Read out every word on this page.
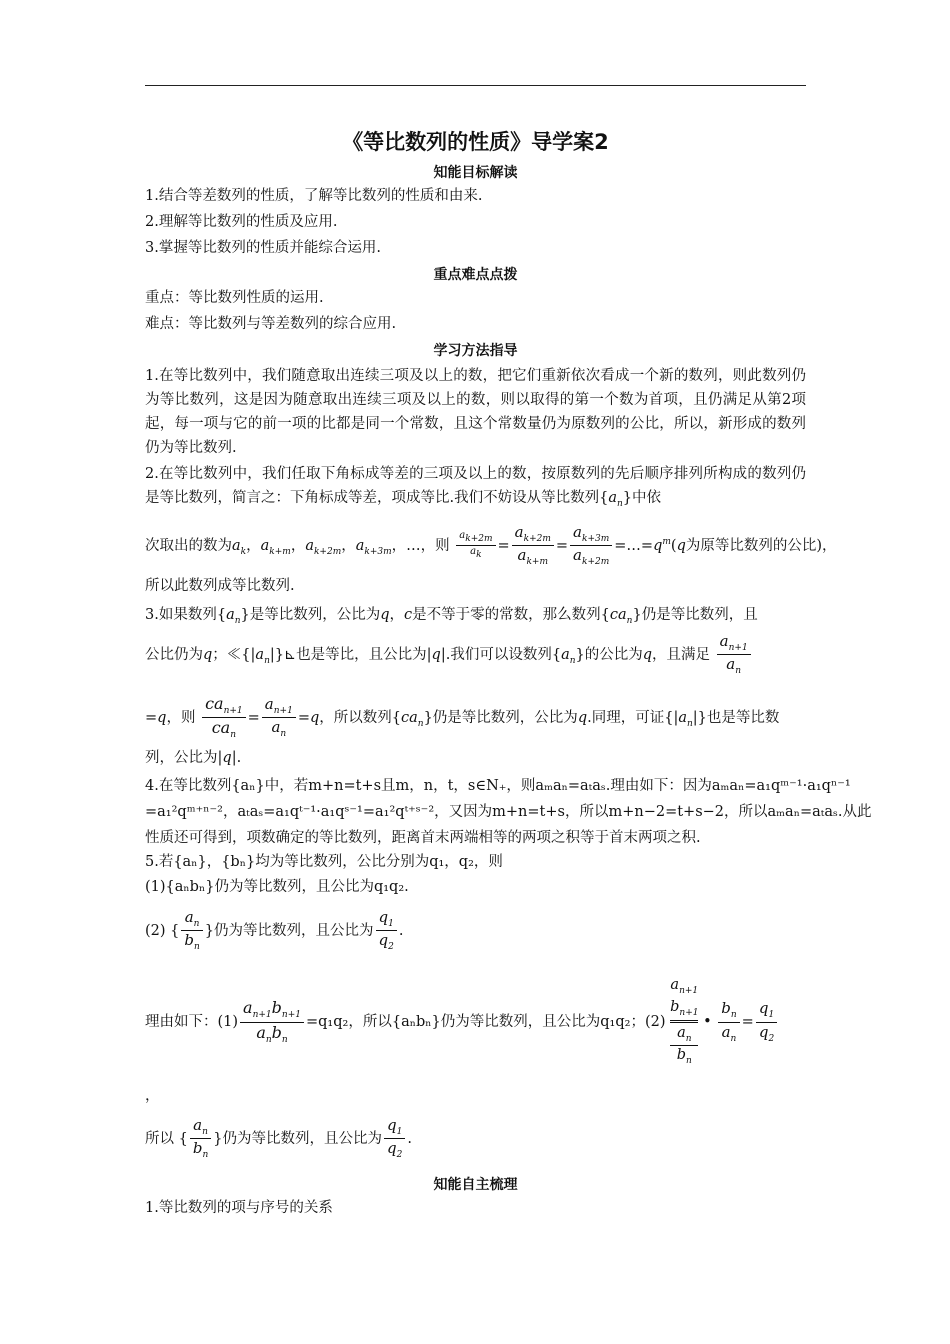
《等比数列的性质》导学案2
知能目标解读
1.结合等差数列的性质，了解等比数列的性质和由来.
2.理解等比数列的性质及应用.
3.掌握等比数列的性质并能综合运用.
重点难点点拨
重点：等比数列性质的运用.
难点：等比数列与等差数列的综合应用.
学习方法指导
1.在等比数列中，我们随意取出连续三项及以上的数，把它们重新依次看成一个新的数列，则此数列仍为等比数列，这是因为随意取出连续三项及以上的数，则以取得的第一个数为首项，且仍满足从第2项起，每一项与它的前一项的比都是同一个常数，且这个常数量仍为原数列的公比，所以，新形成的数列仍为等比数列.
2.在等比数列中，我们任取下角标成等差的三项及以上的数，按原数列的先后顺序排列所构成的数列仍是等比数列，简言之：下角标成等差，项成等比.我们不妨设从等比数列$\{a_n\}$中依
次取出的数为$a_k$，$a_{k+m}$，$a_{k+2m}$，$a_{k+3m}$，…，则 $\frac{a_{k+2m}}{a_k} = \frac{a_{k+2m}}{a_{k+m}} = \frac{a_{k+3m}}{a_{k+2m}}$ $=\dots=q^m(q$为原等比数列的公比)，
所以此数列成等比数列.
3.如果数列$\{a_n\}$是等比数列，公比为q，c是不等于零的常数，那么数列$\{ca_n\}$仍是等比数列，且
公比仍为q；$≪\{|a_n|\}⊾$也是等比，且公比为|q|.我们可以设数列$\{a_n\}$的公比为q，且满足 $\frac{a_{n+1}}{a_n}$
=q，则 $\frac{ca_{n+1}}{ca_n} = \frac{a_{n+1}}{a_n} =q$，所以数列$\{ca_n\}$仍是等比数列，公比为q.同理，可证$\{|a_n|\}$也是等比数
列，公比为|q|.
4.在等比数列{aₙ}中，若m+n=t+s且m，n，t，s∈N₊，则aₘaₙ=aₜaₛ.理由如下：因为aₘaₙ=a₁qᵐ⁻¹·a₁qⁿ⁻¹
=a₁²qᵐ⁺ⁿ⁻²，aₜaₛ=a₁qᵗ⁻¹·a₁qˢ⁻¹=a₁²qᵗ⁺ˢ⁻²，又因为m+n=t+s，所以m+n−2=t+s−2，所以aₘaₙ=aₜaₛ.从此
性质还可得到，项数确定的等比数列，距离首末两端相等的两项之积等于首末两项之积.
5.若{aₙ}，{bₙ}均为等比数列，公比分别为q₁，q₂，则
(1){aₙbₙ}仍为等比数列，且公比为q₁q₂.
(2) { $\frac{a_n}{b_n}$ }仍为等比数列，且公比为 $\frac{q_1}{q_2}$ .
理由如下：$(1) \frac{a_{n+1}b_{n+1}}{a_nb_n} =q_1q_2$，所以{aₙbₙ}仍为等比数列，且公比为q₁q₂；(2)
$a_{n+1}$
$b_{n+1}$
$a_n$
$b_n$
• $\frac{b_n}{a_n} = \frac{q_1}{q_2}$
，
所以 { $\frac{a_n}{b_n}$ }仍为等比数列，且公比为 $\frac{q_1}{q_2}$ .
知能自主梳理
1.等比数列的项与序号的关系
